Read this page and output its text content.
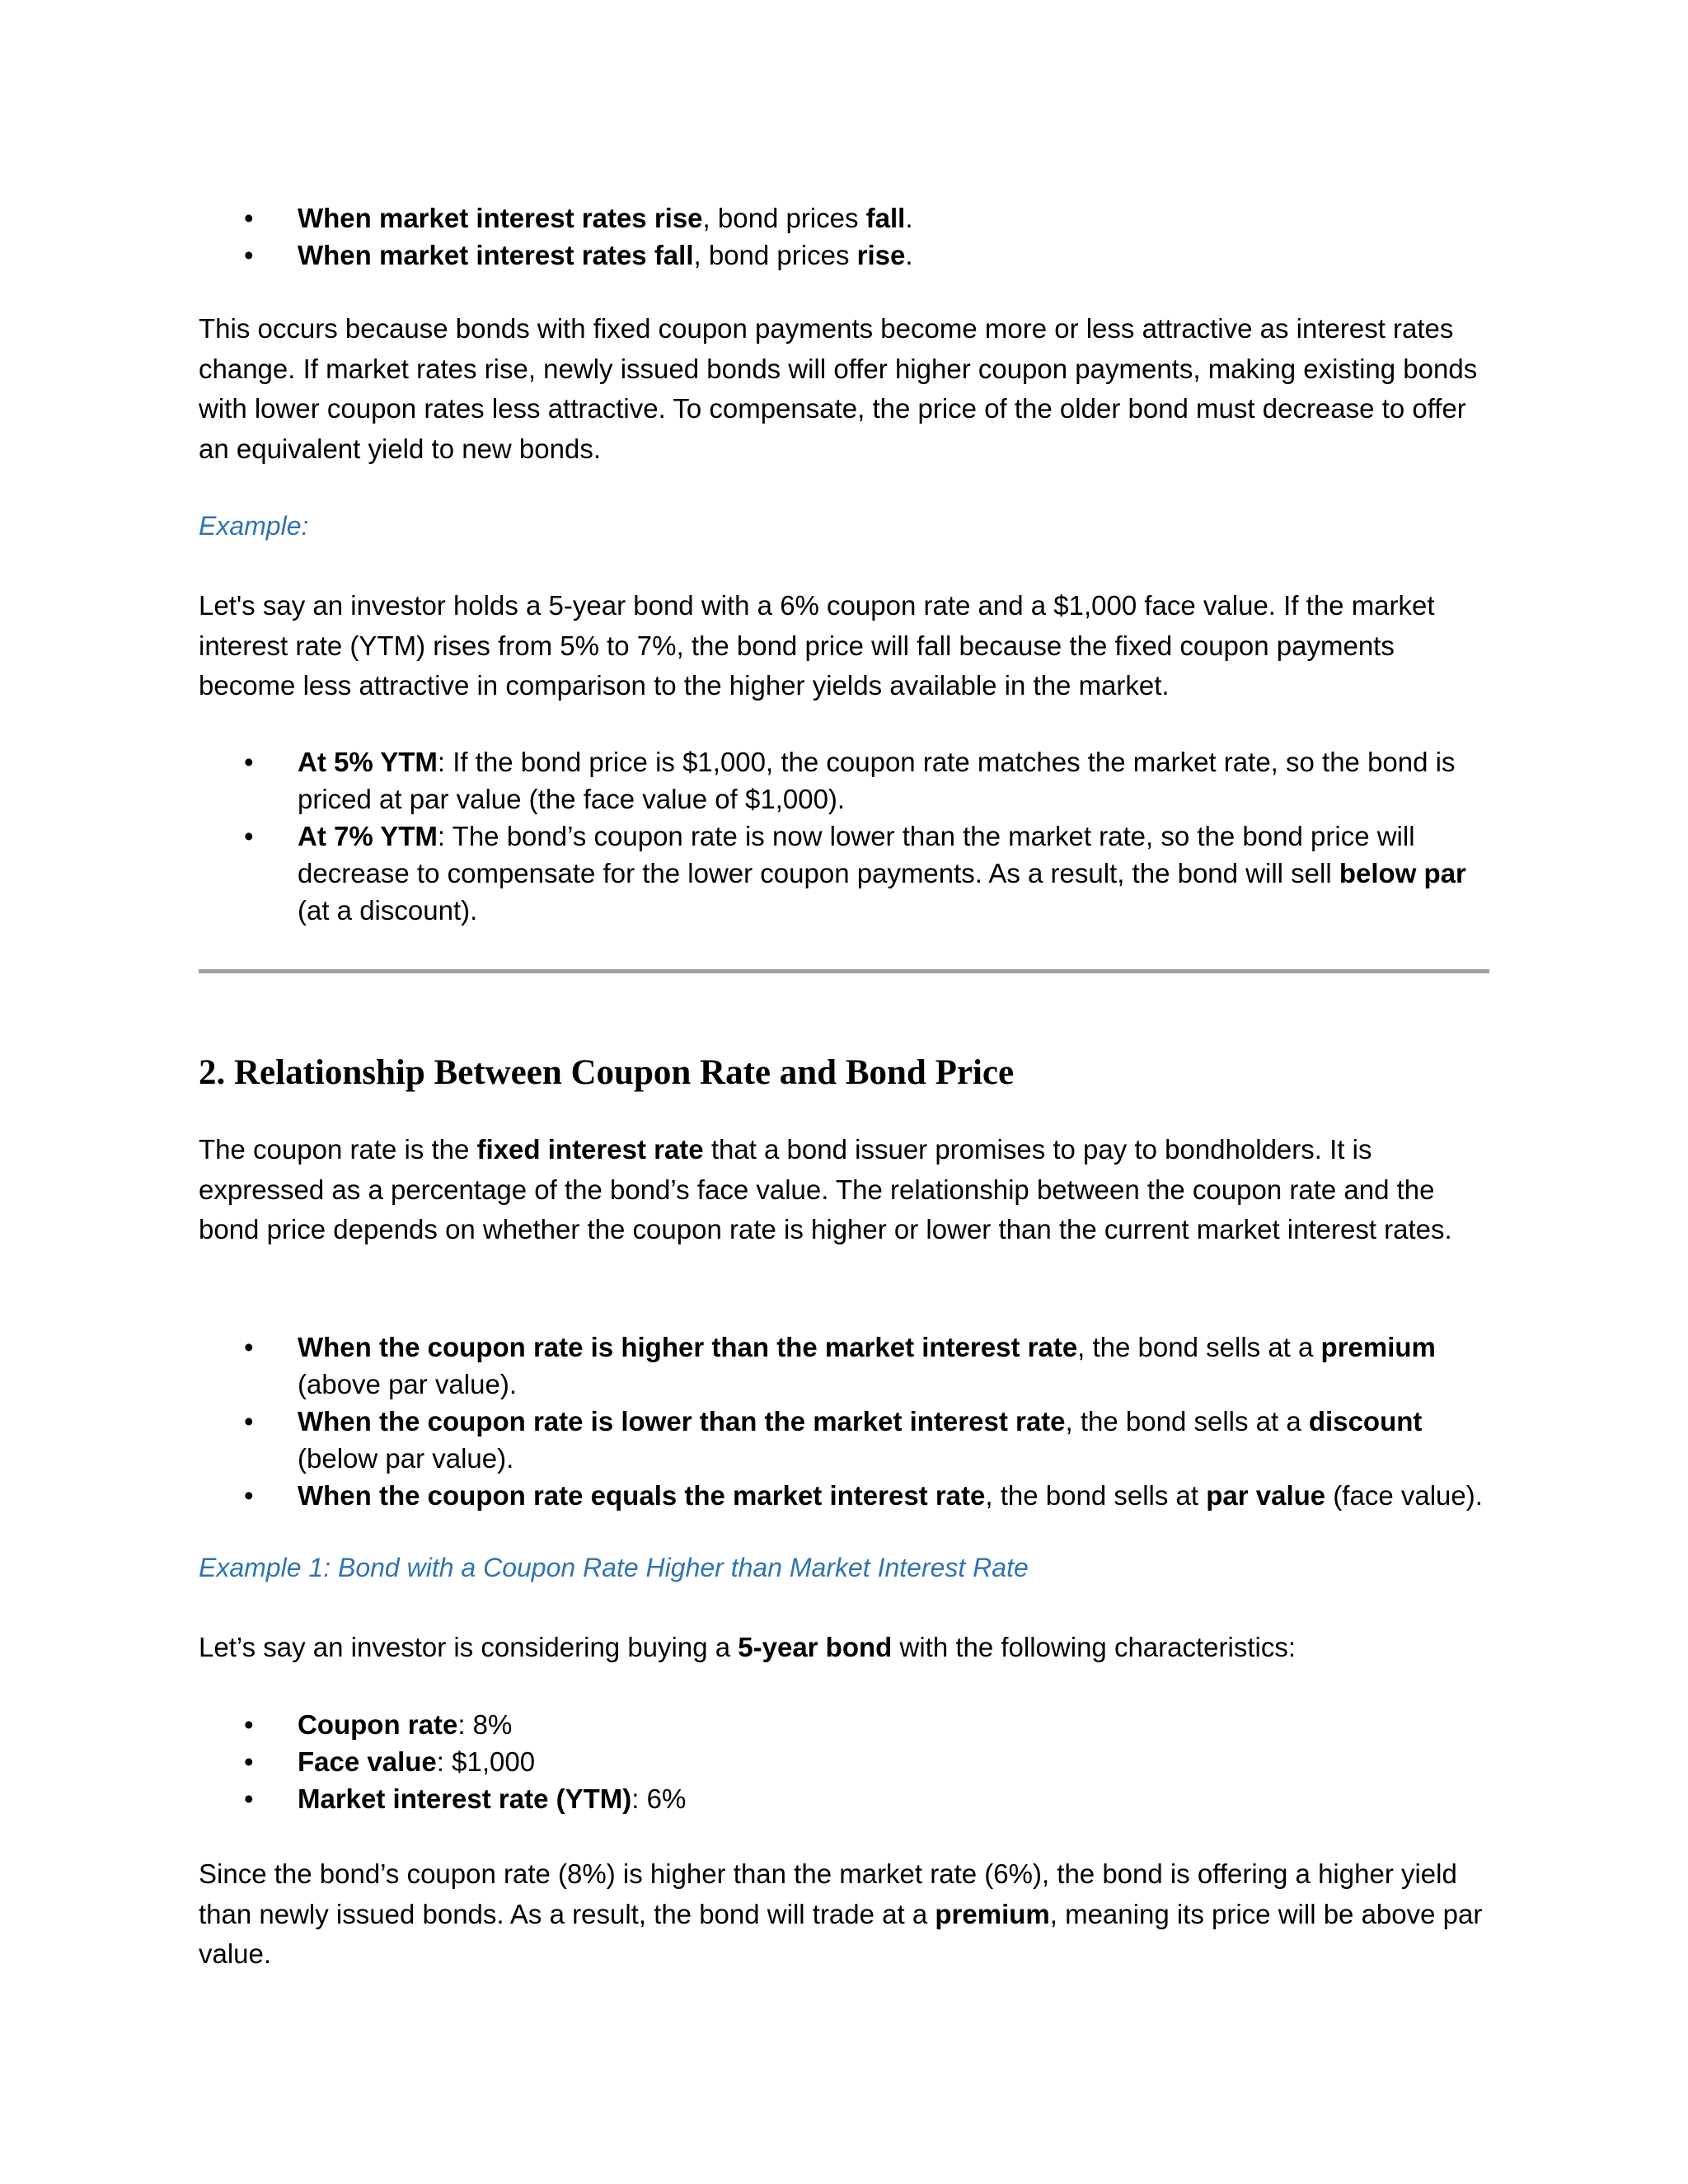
• When market interest rates rise, bond prices fall.
• When market interest rates fall, bond prices rise.

This occurs because bonds with fixed coupon payments become more or less attractive as interest rates change. If market rates rise, newly issued bonds will offer higher coupon payments, making existing bonds with lower coupon rates less attractive. To compensate, the price of the older bond must decrease to offer an equivalent yield to new bonds.

Example:

Let's say an investor holds a 5-year bond with a 6% coupon rate and a $1,000 face value. If the market interest rate (YTM) rises from 5% to 7%, the bond price will fall because the fixed coupon payments become less attractive in comparison to the higher yields available in the market.

• At 5% YTM: If the bond price is $1,000, the coupon rate matches the market rate, so the bond is priced at par value (the face value of $1,000).
• At 7% YTM: The bond’s coupon rate is now lower than the market rate, so the bond price will decrease to compensate for the lower coupon payments. As a result, the bond will sell below par (at a discount).
2. Relationship Between Coupon Rate and Bond Price

The coupon rate is the fixed interest rate that a bond issuer promises to pay to bondholders. It is expressed as a percentage of the bond’s face value. The relationship between the coupon rate and the bond price depends on whether the coupon rate is higher or lower than the current market interest rates.

• When the coupon rate is higher than the market interest rate, the bond sells at a premium (above par value).
• When the coupon rate is lower than the market interest rate, the bond sells at a discount (below par value).
• When the coupon rate equals the market interest rate, the bond sells at par value (face value).

Example 1: Bond with a Coupon Rate Higher than Market Interest Rate

Let’s say an investor is considering buying a 5-year bond with the following characteristics:

• Coupon rate: 8%
• Face value: $1,000
• Market interest rate (YTM): 6%

Since the bond’s coupon rate (8%) is higher than the market rate (6%), the bond is offering a higher yield than newly issued bonds. As a result, the bond will trade at a premium, meaning its price will be above par value.
